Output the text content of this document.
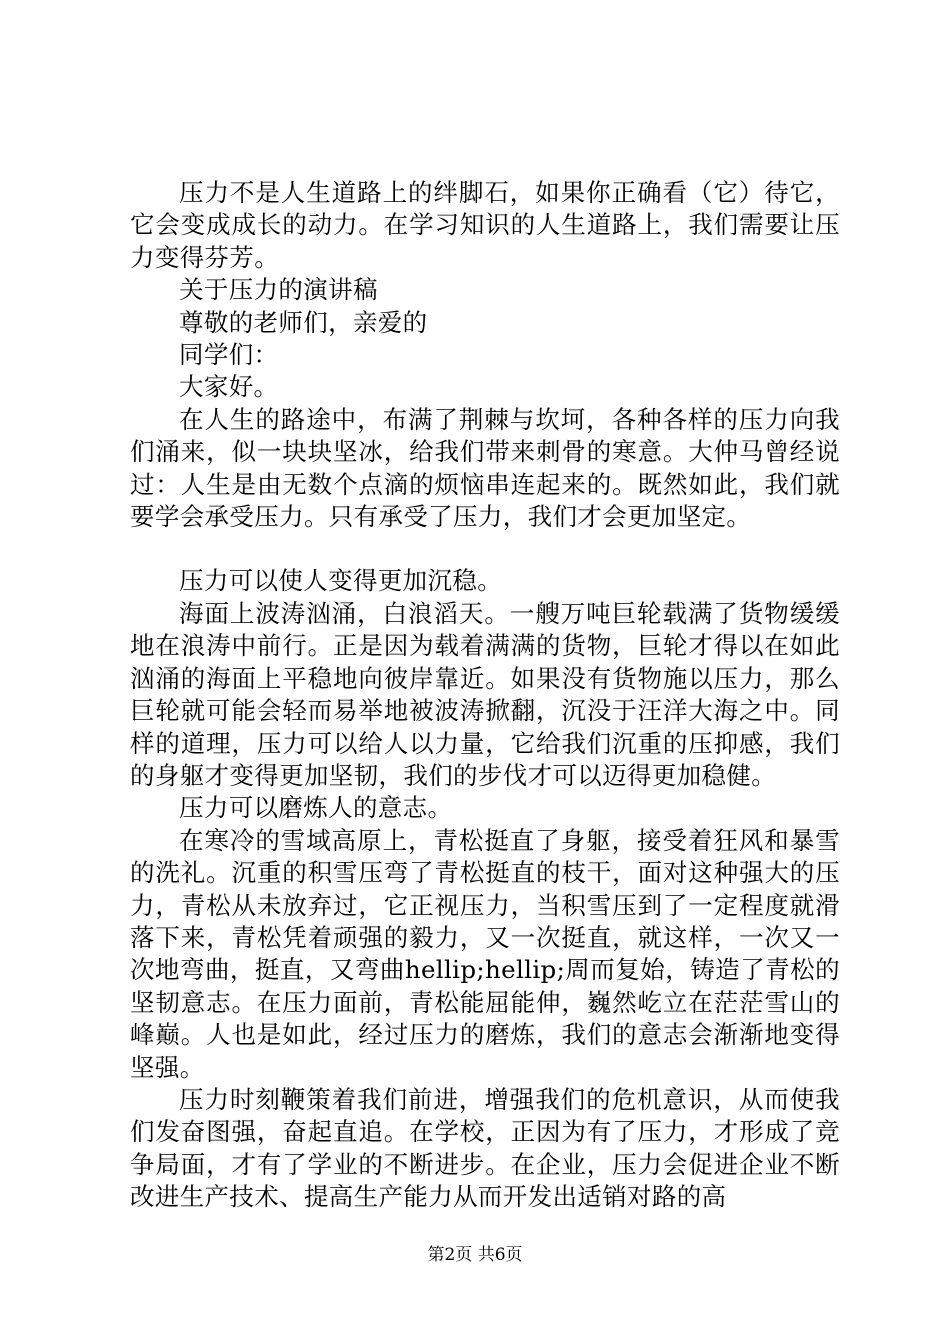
压力不是人生道路上的绊脚石，如果你正确看（它）待它，它会变成成长的动力。在学习知识的人生道路上，我们需要让压力变得芬芳。

关于压力的演讲稿

尊敬的老师们，亲爱的

同学们：

大家好。

在人生的路途中，布满了荆棘与坎坷，各种各样的压力向我们涌来，似一块块坚冰，给我们带来刺骨的寒意。大仲马曾经说过：人生是由无数个点滴的烦恼串连起来的。既然如此，我们就要学会承受压力。只有承受了压力，我们才会更加坚定。

压力可以使人变得更加沉稳。

海面上波涛汹涌，白浪滔天。一艘万吨巨轮载满了货物缓缓地在浪涛中前行。正是因为载着满满的货物，巨轮才得以在如此汹涌的海面上平稳地向彼岸靠近。如果没有货物施以压力，那么巨轮就可能会轻而易举地被波涛掀翻，沉没于汪洋大海之中。同样的道理，压力可以给人以力量，它给我们沉重的压抑感，我们的身躯才变得更加坚韧，我们的步伐才可以迈得更加稳健。

压力可以磨炼人的意志。

在寒冷的雪域高原上，青松挺直了身躯，接受着狂风和暴雪的洗礼。沉重的积雪压弯了青松挺直的枝干，面对这种强大的压力，青松从未放弃过，它正视压力，当积雪压到了一定程度就滑落下来，青松凭着顽强的毅力，又一次挺直，就这样，一次又一次地弯曲，挺直，又弯曲hellip;hellip;周而复始，铸造了青松的坚韧意志。在压力面前，青松能屈能伸，巍然屹立在茫茫雪山的峰巅。人也是如此，经过压力的磨炼，我们的意志会渐渐地变得坚强。

压力时刻鞭策着我们前进，增强我们的危机意识，从而使我们发奋图强，奋起直追。在学校，正因为有了压力，才形成了竞争局面，才有了学业的不断进步。在企业，压力会促进企业不断改进生产技术、提高生产能力从而开发出适销对路的高

第2页 共6页
